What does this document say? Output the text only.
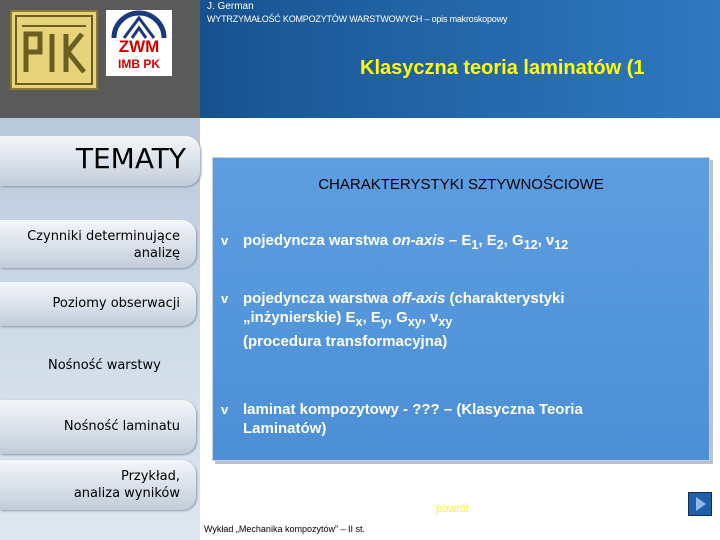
ZWM
IMB PK
J. German
WYTRZYMAŁOŚĆ KOMPOZYTÓW WARSTWOWYCH – opis makroskopowy
Klasyczna teoria laminatów (1
TEMATY
Czynniki determinujące
analizę
Poziomy obserwacji
Nośność warstwy
Nośność laminatu
Przykład,
analiza wyników
CHARAKTERYSTYKI SZTYWNOŚCIOWE
v pojedyncza warstwa on-axis – $E_1$, $E_2$, $G_{12}$, $\nu_{12}$
v pojedyncza warstwa off-axis (charakterystyki
„inżynierskie) $E_x$, $E_y$, $G_{xy}$, $\nu_{xy}$
(procedura transformacyjna)
v laminat kompozytowy - ??? – (Klasyczna Teoria
Laminatów)
powrót
Wykład „Mechanika kompozytów” – II st.	37
